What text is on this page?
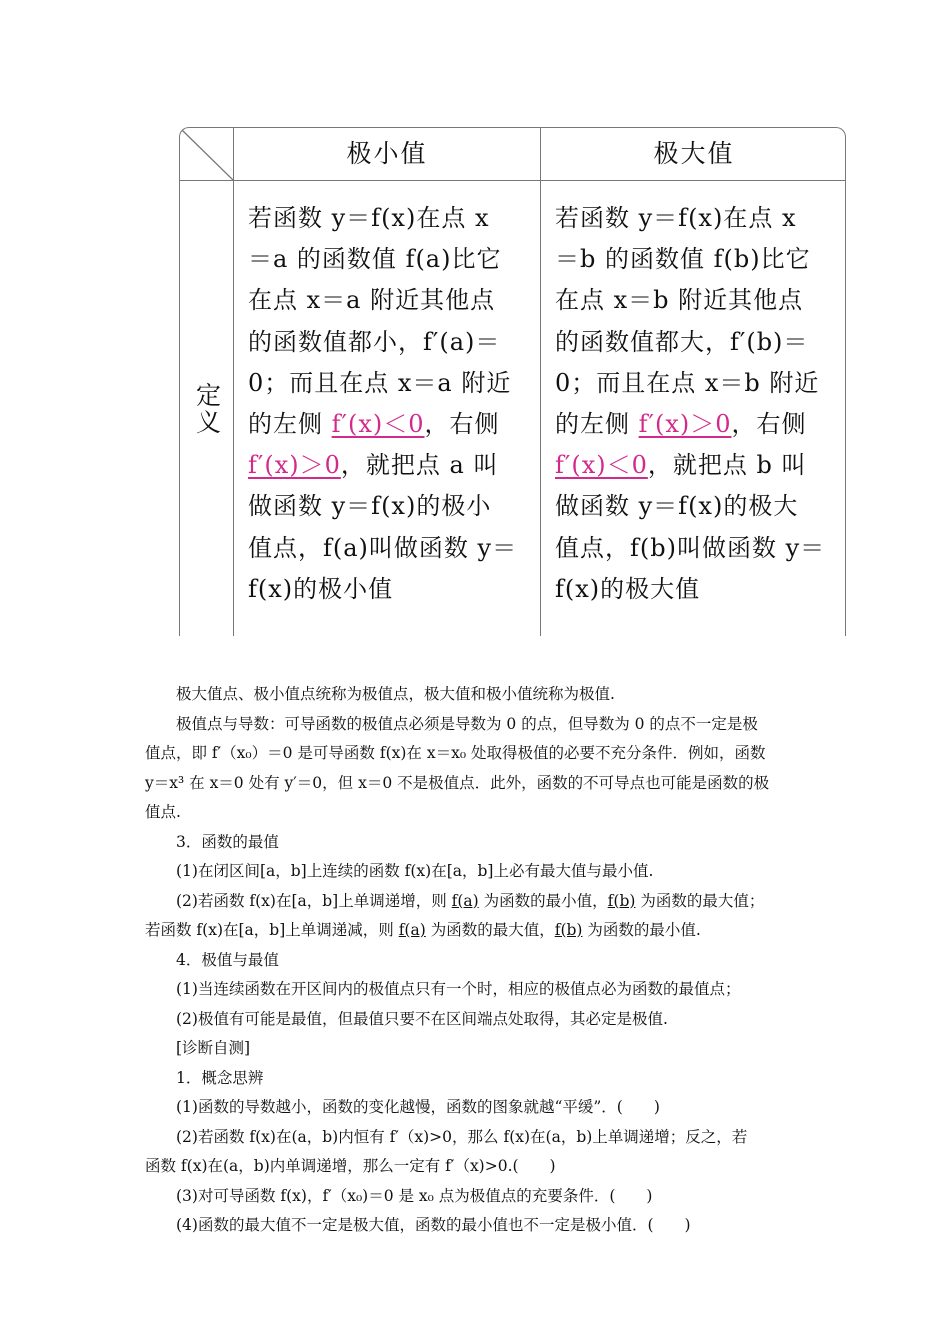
极小值	极大值
定义
若函数 y＝f(x)在点 x
＝a 的函数值 f(a)比它
在点 x＝a 附近其他点
的函数值都小，f′(a)＝
0；而且在点 x＝a 附近
的左侧 f′(x)＜0，右侧
f′(x)＞0，就把点 a 叫
做函数 y＝f(x)的极小
值点，f(a)叫做函数 y＝
f(x)的极小值
若函数 y＝f(x)在点 x
＝b 的函数值 f(b)比它
在点 x＝b 附近其他点
的函数值都大，f′(b)＝
0；而且在点 x＝b 附近
的左侧 f′(x)＞0，右侧
f′(x)＜0，就把点 b 叫
做函数 y＝f(x)的极大
值点，f(b)叫做函数 y＝
f(x)的极大值

极大值点、极小值点统称为极值点，极大值和极小值统称为极值.

极值点与导数：可导函数的极值点必须是导数为 0 的点，但导数为 0 的点不一定是极

值点，即 f′（x₀）＝0 是可导函数 f(x)在 x＝x₀ 处取得极值的必要不充分条件．例如，函数

y＝x³ 在 x＝0 处有 y′＝0，但 x＝0 不是极值点．此外，函数的不可导点也可能是函数的极

值点.

3．函数的最值

(1)在闭区间[a，b]上连续的函数 f(x)在[a，b]上必有最大值与最小值.

(2)若函数 f(x)在[a，b]上单调递增，则 f(a) 为函数的最小值，f(b) 为函数的最大值；

若函数 f(x)在[a，b]上单调递减，则 f(a) 为函数的最大值，f(b) 为函数的最小值.

4．极值与最值

(1)当连续函数在开区间内的极值点只有一个时，相应的极值点必为函数的最值点；

(2)极值有可能是最值，但最值只要不在区间端点处取得，其必定是极值.

[诊断自测]

1．概念思辨

(1)函数的导数越小，函数的变化越慢，函数的图象就越“平缓”．(　　)

(2)若函数 f(x)在(a，b)内恒有 f′（x)>0，那么 f(x)在(a，b)上单调递增；反之，若

函数 f(x)在(a，b)内单调递增，那么一定有 f′（x)>0.(　　)

(3)对可导函数 f(x)，f′（x₀)＝0 是 x₀ 点为极值点的充要条件．(　　)

(4)函数的最大值不一定是极大值，函数的最小值也不一定是极小值．(　　)
